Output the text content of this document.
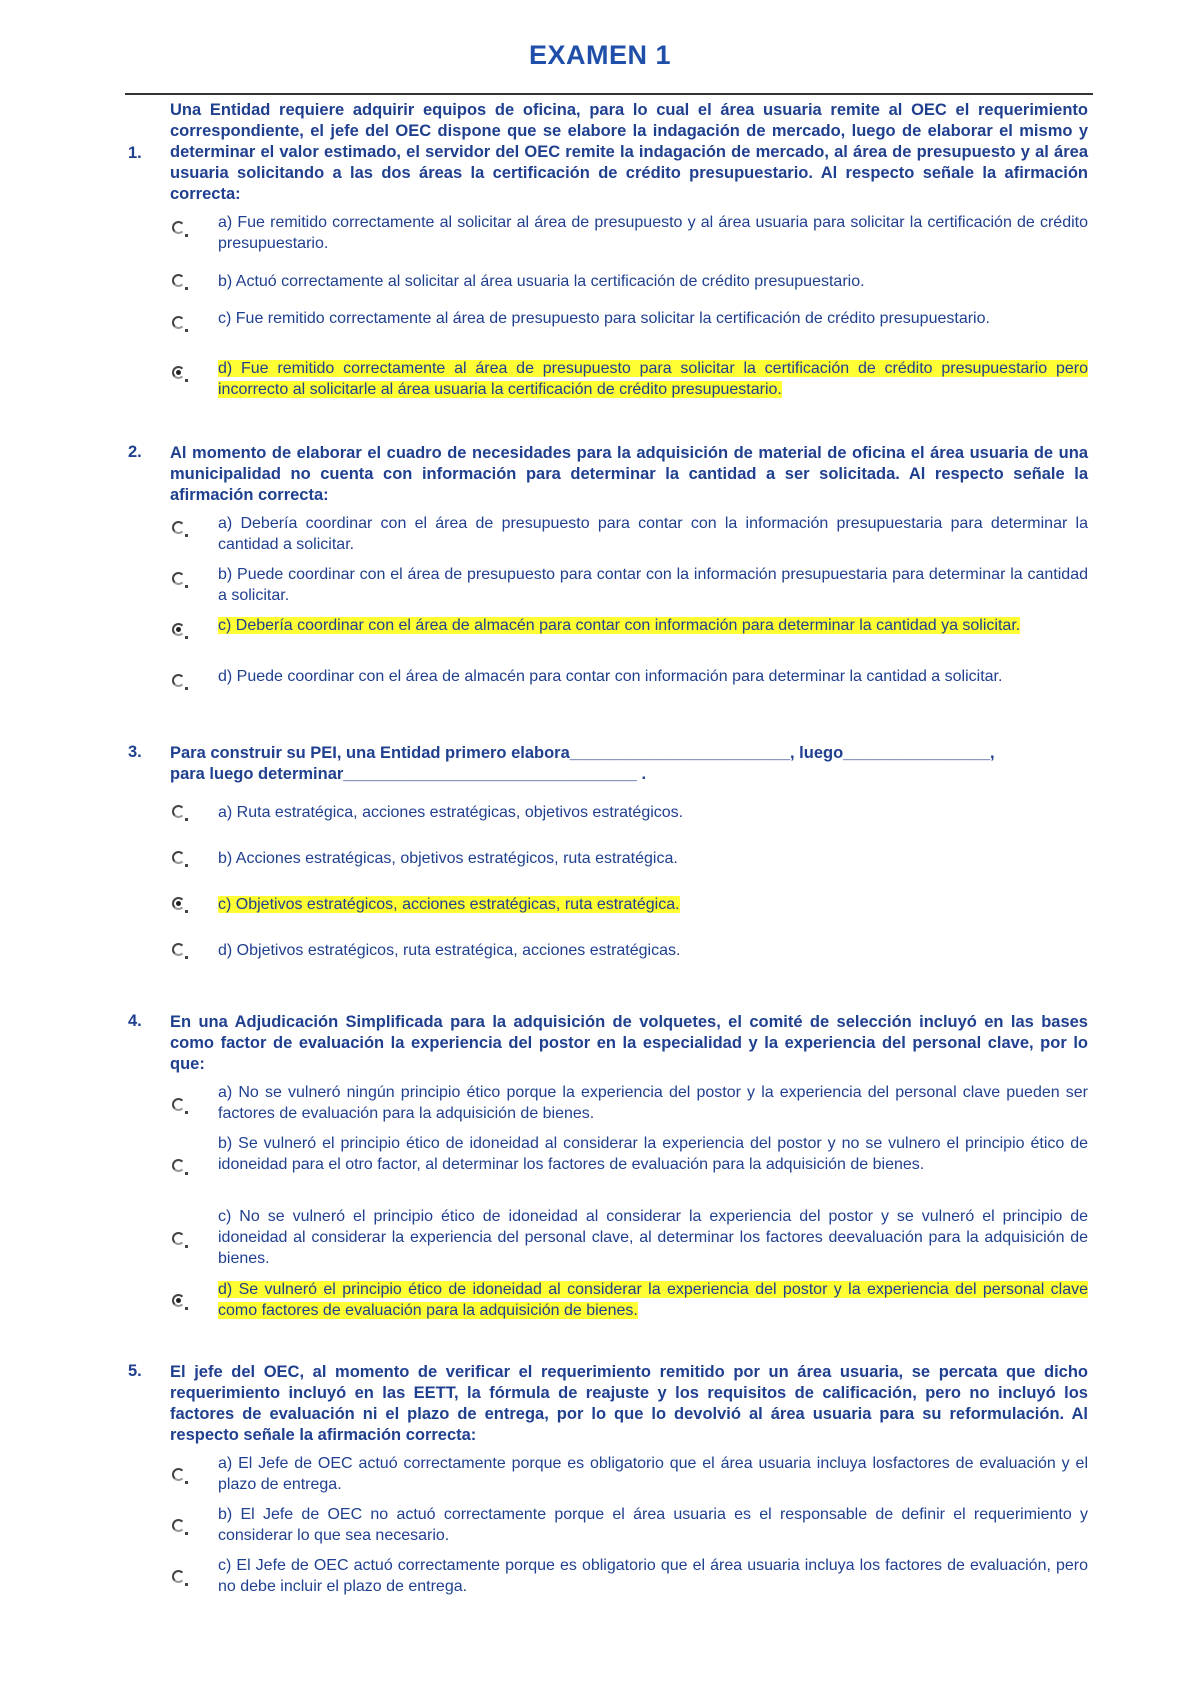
EXAMEN 1
1.
Una Entidad requiere adquirir equipos de oficina, para lo cual el área usuaria remite al OEC el requerimiento correspondiente, el jefe del OEC dispone que se elabore la indagación de mercado, luego de elaborar el mismo y determinar el valor estimado, el servidor del OEC remite la indagación de mercado, al área de presupuesto y al área usuaria solicitando a las dos áreas la certificación de crédito presupuestario. Al respecto señale la afirmación correcta:
a) Fue remitido correctamente al solicitar al área de presupuesto y al área usuaria para solicitar la certificación de crédito presupuestario.
b) Actuó correctamente al solicitar al área usuaria la certificación de crédito presupuestario.
c) Fue remitido correctamente al área de presupuesto para solicitar la certificación de crédito presupuestario.
d) Fue remitido correctamente al área de presupuesto para solicitar la certificación de crédito presupuestario pero incorrecto al solicitarle al área usuaria la certificación de crédito presupuestario.
2. Al momento de elaborar el cuadro de necesidades para la adquisición de material de oficina el área usuaria de una municipalidad no cuenta con información para determinar la cantidad a ser solicitada. Al respecto señale la afirmación correcta:
a) Debería coordinar con el área de presupuesto para contar con la información presupuestaria para determinar la cantidad a solicitar.
b) Puede coordinar con el área de presupuesto para contar con la información presupuestaria para determinar la cantidad a solicitar.
c) Debería coordinar con el área de almacén para contar con información para determinar la cantidad ya solicitar.
d) Puede coordinar con el área de almacén para contar con información para determinar la cantidad a solicitar.
3. Para construir su PEI, una Entidad primero elabora________________________, luego________________,
para luego determinar________________________________ .
a) Ruta estratégica, acciones estratégicas, objetivos estratégicos.
b) Acciones estratégicas, objetivos estratégicos, ruta estratégica.
c) Objetivos estratégicos, acciones estratégicas, ruta estratégica.
d) Objetivos estratégicos, ruta estratégica, acciones estratégicas.
4. En una Adjudicación Simplificada para la adquisición de volquetes, el comité de selección incluyó en las bases como factor de evaluación la experiencia del postor en la especialidad y la experiencia del personal clave, por lo que:
a) No se vulneró ningún principio ético porque la experiencia del postor y la experiencia del personal clave pueden ser factores de evaluación para la adquisición de bienes.
b) Se vulneró el principio ético de idoneidad al considerar la experiencia del postor y no se vulnero el principio ético de idoneidad para el otro factor, al determinar los factores de evaluación para la adquisición de bienes.
c) No se vulneró el principio ético de idoneidad al considerar la experiencia del postor y se vulneró el principio de idoneidad al considerar la experiencia del personal clave, al determinar los factores deevaluación para la adquisición de bienes.
d) Se vulneró el principio ético de idoneidad al considerar la experiencia del postor y la experiencia del personal clave como factores de evaluación para la adquisición de bienes.
5. El jefe del OEC, al momento de verificar el requerimiento remitido por un área usuaria, se percata que dicho requerimiento incluyó en las EETT, la fórmula de reajuste y los requisitos de calificación, pero no incluyó los factores de evaluación ni el plazo de entrega, por lo que lo devolvió al área usuaria para su reformulación. Al respecto señale la afirmación correcta:
a) El Jefe de OEC actuó correctamente porque es obligatorio que el área usuaria incluya losfactores de evaluación y el plazo de entrega.
b) El Jefe de OEC no actuó correctamente porque el área usuaria es el responsable de definir el requerimiento y considerar lo que sea necesario.
c) El Jefe de OEC actuó correctamente porque es obligatorio que el área usuaria incluya los factores de evaluación, pero no debe incluir el plazo de entrega.
